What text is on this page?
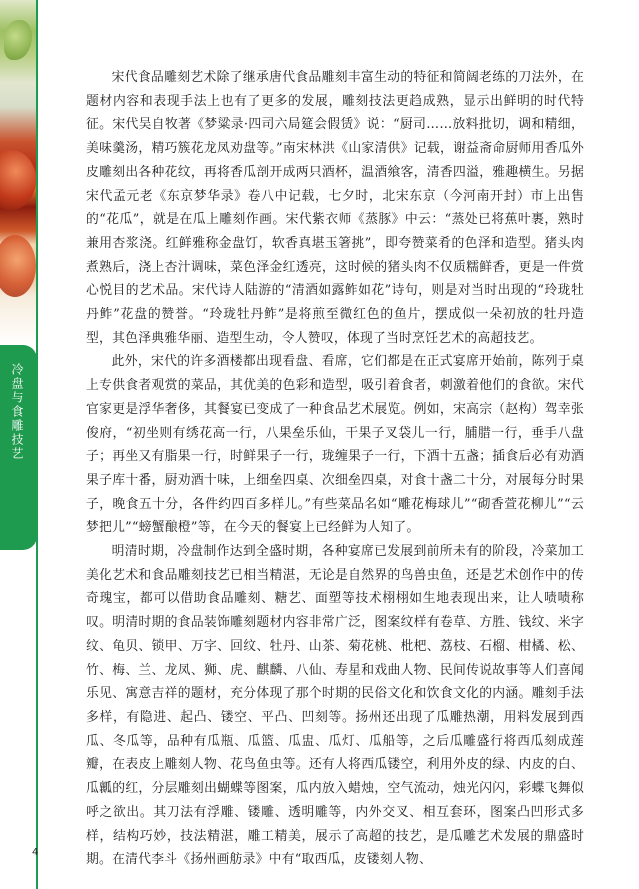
冷盘与食雕技艺

宋代食品雕刻艺术除了继承唐代食品雕刻丰富生动的特征和简阔老练的刀法外，在题材内容和表现手法上也有了更多的发展，雕刻技法更趋成熟，显示出鲜明的时代特征。宋代吴自牧著《梦粱录·四司六局筵会假赁》说：“厨司……放料批切，调和精细，美味羹汤，精巧簇花龙凤劝盘等。”南宋林洪《山家清供》记载，谢益斋命厨师用香瓜外皮雕刻出各种花纹，再将香瓜剖开成两只酒杯，温酒飨客，清香四溢，雅趣横生。另据宋代孟元老《东京梦华录》卷八中记载，七夕时，北宋东京（今河南开封）市上出售的“花瓜”，就是在瓜上雕刻作画。宋代紫衣师《蒸豚》中云：“蒸处已将蕉叶裹，熟时兼用杏浆浇。红鲜雅称金盘饤，软香真堪玉箸挑”，即夸赞菜肴的色泽和造型。猪头肉煮熟后，浇上杏汁调味，菜色泽金红透亮，这时候的猪头肉不仅质糯鲜香，更是一件赏心悦目的艺术品。宋代诗人陆游的“清酒如露鲊如花”诗句，则是对当时出现的“玲珑牡丹鲊”花盘的赞誉。“玲珑牡丹鲊”是将煎至微红色的鱼片，摆成似一朵初放的牡丹造型，其色泽典雅华丽、造型生动，令人赞叹，体现了当时烹饪艺术的高超技艺。

此外，宋代的许多酒楼都出现看盘、看席，它们都是在正式宴席开始前，陈列于桌上专供食者观赏的菜品，其优美的色彩和造型，吸引着食者，刺激着他们的食欲。宋代官家更是浮华奢侈，其餐宴已变成了一种食品艺术展览。例如，宋高宗（赵构）驾幸张俊府，“初坐则有绣花高一行，八果垒乐仙，干果子叉袋儿一行，脯腊一行，垂手八盘子；再坐又有脂果一行，时鲜果子一行，珑缠果子一行，下酒十五盏；插食后必有劝酒果子库十番，厨劝酒十味，上细垒四桌、次细垒四桌，对食十盏二十分，对展每分时果子，晚食五十分，各件约四百多样儿。”有些菜品名如“雕花梅球儿”“砌香萱花柳儿”“云梦把儿”“螃蟹酿橙”等，在今天的餐宴上已经鲜为人知了。

明清时期，冷盘制作达到全盛时期，各种宴席已发展到前所未有的阶段，冷菜加工美化艺术和食品雕刻技艺已相当精湛，无论是自然界的鸟兽虫鱼，还是艺术创作中的传奇瑰宝，都可以借助食品雕刻、糖艺、面塑等技术栩栩如生地表现出来，让人啧啧称叹。明清时期的食品装饰雕刻题材内容非常广泛，图案纹样有卷草、方胜、钱纹、米字纹、龟贝、锁甲、万字、回纹、牡丹、山茶、菊花桃、枇杷、荔枝、石榴、柑橘、松、竹、梅、兰、龙凤、狮、虎、麒麟、八仙、寿星和戏曲人物、民间传说故事等人们喜闻乐见、寓意吉祥的题材，充分体现了那个时期的民俗文化和饮食文化的内涵。雕刻手法多样，有隐进、起凸、镂空、平凸、凹刻等。扬州还出现了瓜雕热潮，用料发展到西瓜、冬瓜等，品种有瓜瓶、瓜篮、瓜盅、瓜灯、瓜船等，之后瓜雕盛行将西瓜刻成莲瓣，在表皮上雕刻人物、花鸟鱼虫等。还有人将西瓜镂空，利用外皮的绿、内皮的白、瓜瓤的红，分层雕刻出蝴蝶等图案，瓜内放入蜡烛，空气流动，烛光闪闪，彩蝶飞舞似呼之欲出。其刀法有浮雕、镂雕、透明雕等，内外交叉、相互套环，图案凸凹形式多样，结构巧妙，技法精湛，雕工精美，展示了高超的技艺，是瓜雕艺术发展的鼎盛时期。在清代李斗《扬州画舫录》中有“取西瓜，皮镂刻人物、

4
